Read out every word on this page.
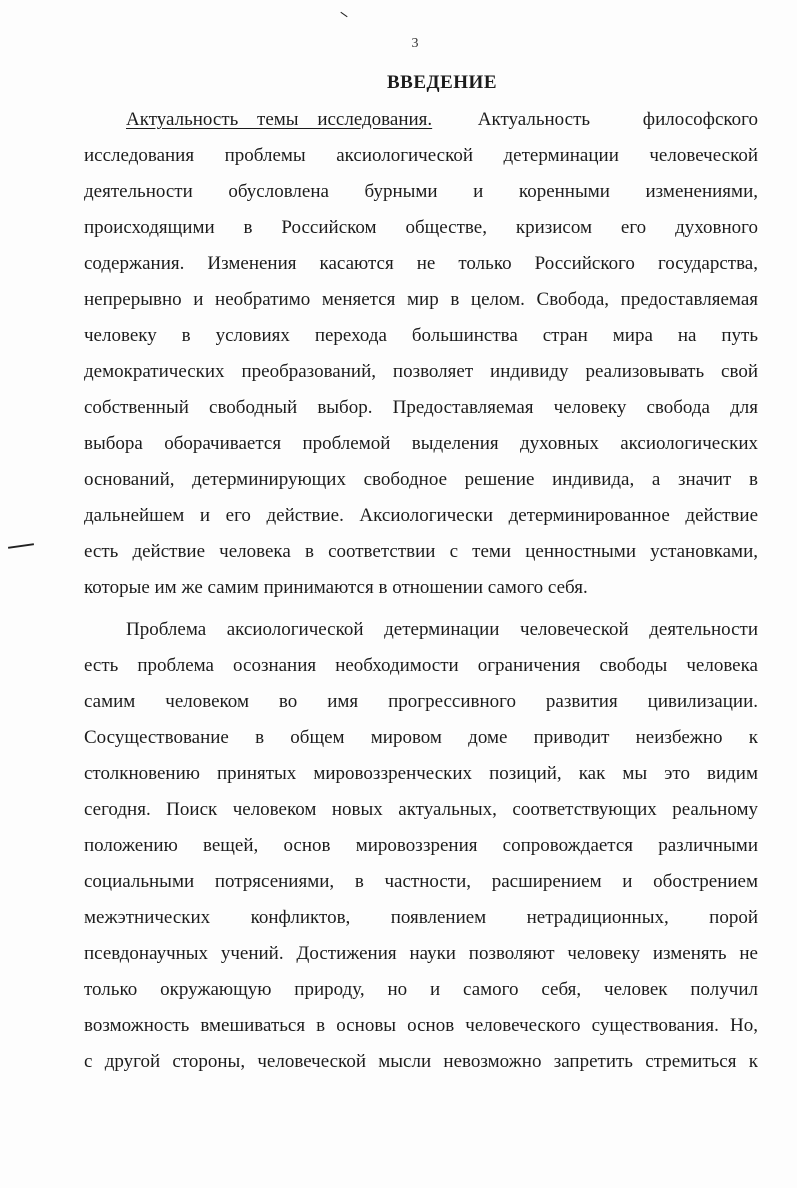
3
ВВЕДЕНИЕ
Актуальность темы исследования. Актуальность философского
исследования проблемы аксиологической детерминации человеческой
деятельности обусловлена бурными и коренными изменениями,
происходящими в Российском обществе, кризисом его духовного
содержания. Изменения касаются не только Российского государства,
непрерывно и необратимо меняется мир в целом. Свобода, предоставляемая
человеку в условиях перехода большинства стран мира на путь
демократических преобразований, позволяет индивиду реализовывать свой
собственный свободный выбор. Предоставляемая человеку свобода для
выбора оборачивается проблемой выделения духовных аксиологических
оснований, детерминирующих свободное решение индивида, а значит в
дальнейшем и его действие. Аксиологически детерминированное действие
есть действие человека в соответствии с теми ценностными установками,
которые им же самим принимаются в отношении самого себя.
Проблема аксиологической детерминации человеческой деятельности
есть проблема осознания необходимости ограничения свободы человека
самим человеком во имя прогрессивного развития цивилизации.
Сосуществование в общем мировом доме приводит неизбежно к
столкновению принятых мировоззренческих позиций, как мы это видим
сегодня. Поиск человеком новых актуальных, соответствующих реальному
положению вещей, основ мировоззрения сопровождается различными
социальными потрясениями, в частности, расширением и обострением
межэтнических конфликтов, появлением нетрадиционных, порой
псевдонаучных учений. Достижения науки позволяют человеку изменять не
только окружающую природу, но и самого себя, человек получил
возможность вмешиваться в основы основ человеческого существования. Но,
с другой стороны, человеческой мысли невозможно запретить стремиться к
